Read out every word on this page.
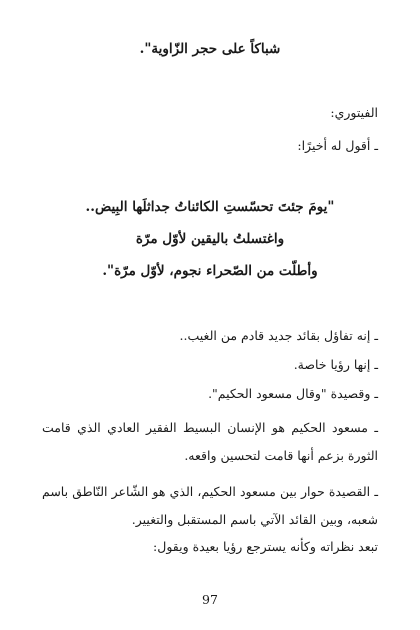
شباكاً على حجر الزّاوية".
الفيتوري:
ـ أقول له أخيرًا:
"يومَ جئتَ تحسّستِ الكائناتُ جداثلَها البِيض..
واغتسلتُ باليقين لأوّل مرّة
وأطلّت من الصّحراء نجوم، لأوّل مرّة".
ـ إنه تفاؤل بقائد جديد قادم من الغيب..
ـ إنها رؤيا خاصة.
ـ وقصيدة "وقال مسعود الحكيم".
ـ مسعود الحكيم هو الإنسان البسيط الفقير العادي الذي قامت الثورة بزعم أنها قامت لتحسين واقعه.
ـ القصيدة حوار بين مسعود الحكيم، الذي هو الشّاعر النّاطق باسم شعبه، وبين القائد الآتي باسم المستقبل والتغيير.
تبعد نظراته وكأنه يسترجع رؤيا بعيدة ويقول:
97
